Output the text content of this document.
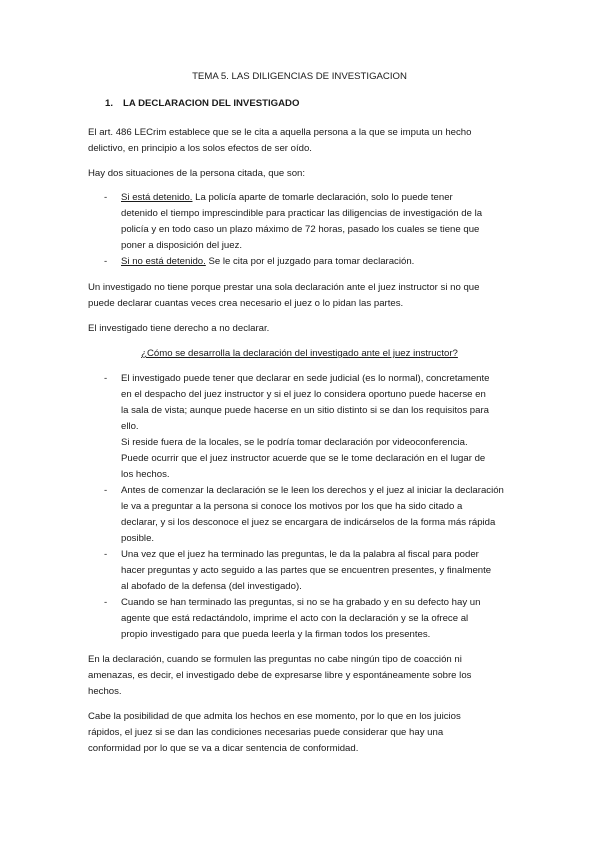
TEMA 5. LAS DILIGENCIAS DE INVESTIGACION
1. LA DECLARACION DEL INVESTIGADO
El art. 486 LECrim establece que se le cita a aquella persona a la que se imputa un hecho
delictivo, en principio a los solos efectos de ser oído.
Hay dos situaciones de la persona citada, que son:
- Si está detenido. La policía aparte de tomarle declaración, solo lo puede tener
detenido el tiempo imprescindible para practicar las diligencias de investigación de la
policía y en todo caso un plazo máximo de 72 horas, pasado los cuales se tiene que
poner a disposición del juez.
- Si no está detenido. Se le cita por el juzgado para tomar declaración.
Un investigado no tiene porque prestar una sola declaración ante el juez instructor si no que
puede declarar cuantas veces crea necesario el juez o lo pidan las partes.
El investigado tiene derecho a no declarar.
¿Cómo se desarrolla la declaración del investigado ante el juez instructor?
- El investigado puede tener que declarar en sede judicial (es lo normal), concretamente
en el despacho del juez instructor y si el juez lo considera oportuno puede hacerse en
la sala de vista; aunque puede hacerse en un sitio distinto si se dan los requisitos para
ello.
Si reside fuera de la locales, se le podría tomar declaración por videoconferencia.
Puede ocurrir que el juez instructor acuerde que se le tome declaración en el lugar de
los hechos.
- Antes de comenzar la declaración se le leen los derechos y el juez al iniciar la declaración
le va a preguntar a la persona si conoce los motivos por los que ha sido citado a
declarar, y si los desconoce el juez se encargara de indicárselos de la forma más rápida
posible.
- Una vez que el juez ha terminado las preguntas, le da la palabra al fiscal para poder
hacer preguntas y acto seguido a las partes que se encuentren presentes, y finalmente
al abofado de la defensa (del investigado).
- Cuando se han terminado las preguntas, si no se ha grabado y en su defecto hay un
agente que está redactándolo, imprime el acto con la declaración y se la ofrece al
propio investigado para que pueda leerla y la firman todos los presentes.
En la declaración, cuando se formulen las preguntas no cabe ningún tipo de coacción ni
amenazas, es decir, el investigado debe de expresarse libre y espontáneamente sobre los
hechos.
Cabe la posibilidad de que admita los hechos en ese momento, por lo que en los juicios
rápidos, el juez si se dan las condiciones necesarias puede considerar que hay una
conformidad por lo que se va a dicar sentencia de conformidad.
